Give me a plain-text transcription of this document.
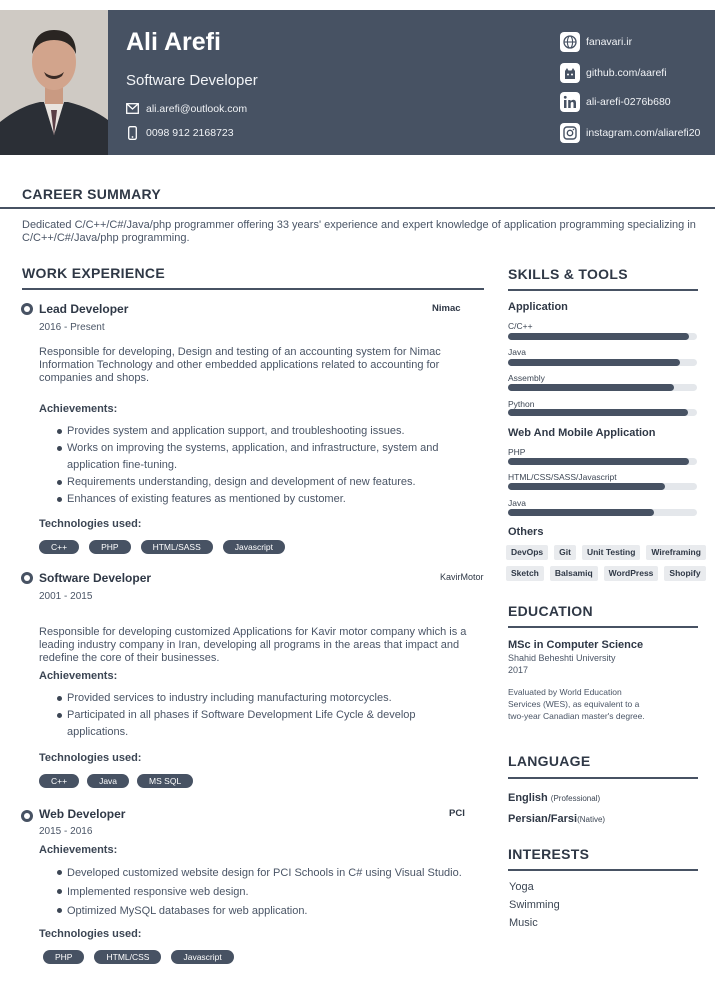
Ali Arefi
Software Developer
ali.arefi@outlook.com
0098 912 2168723
fanavari.ir
github.com/aarefi
ali-arefi-0276b680
instagram.com/aliarefi20
CAREER SUMMARY
Dedicated C/C++/C#/Java/php programmer offering 33 years' experience and expert knowledge of application programming specializing in C/C++/C#/Java/php programming.
WORK EXPERIENCE
Lead Developer	Nimac
2016 - Present
Responsible for developing, Design and testing of an accounting system for Nimac Information Technology and other embedded applications related to accounting for companies and shops.
Achievements:
Provides system and application support, and troubleshooting issues.
Works on improving the systems, application, and infrastructure, system and application fine-tuning.
Requirements understanding, design and development of new features.
Enhances of existing features as mentioned by customer.
Technologies used:
C++	PHP	HTML/SASS	Javascript
Software Developer	KavirMotor
2001 - 2015
Responsible for developing customized Applications for Kavir motor company which is a leading industry company in Iran, developing all programs in the areas that impact and redefine the core of their businesses.
Achievements:
Provided services to industry including manufacturing motorcycles.
Participated in all phases if Software Development Life Cycle & develop applications.
Technologies used:
C++	Java	MS SQL
Web Developer	PCI
2015 - 2016
Achievements:
Developed customized website design for PCI Schools in C# using Visual Studio.
Implemented responsive web design.
Optimized MySQL databases for web application.
Technologies used:
PHP	HTML/CSS	Javascript
SKILLS & TOOLS
Application
C/C++
Java
Assembly
Python
Web And Mobile Application
PHP
HTML/CSS/SASS/Javascript
Java
Others
DevOps	Git	Unit Testing	Wireframing
Sketch	Balsamiq	WordPress	Shopify
EDUCATION
MSc in Computer Science
Shahid Beheshti University
2017
Evaluated by World Education Services (WES), as equivalent to a two-year Canadian master's degree.
LANGUAGE
English (Professional)
Persian/Farsi(Native)
INTERESTS
Yoga
Swimming
Music
